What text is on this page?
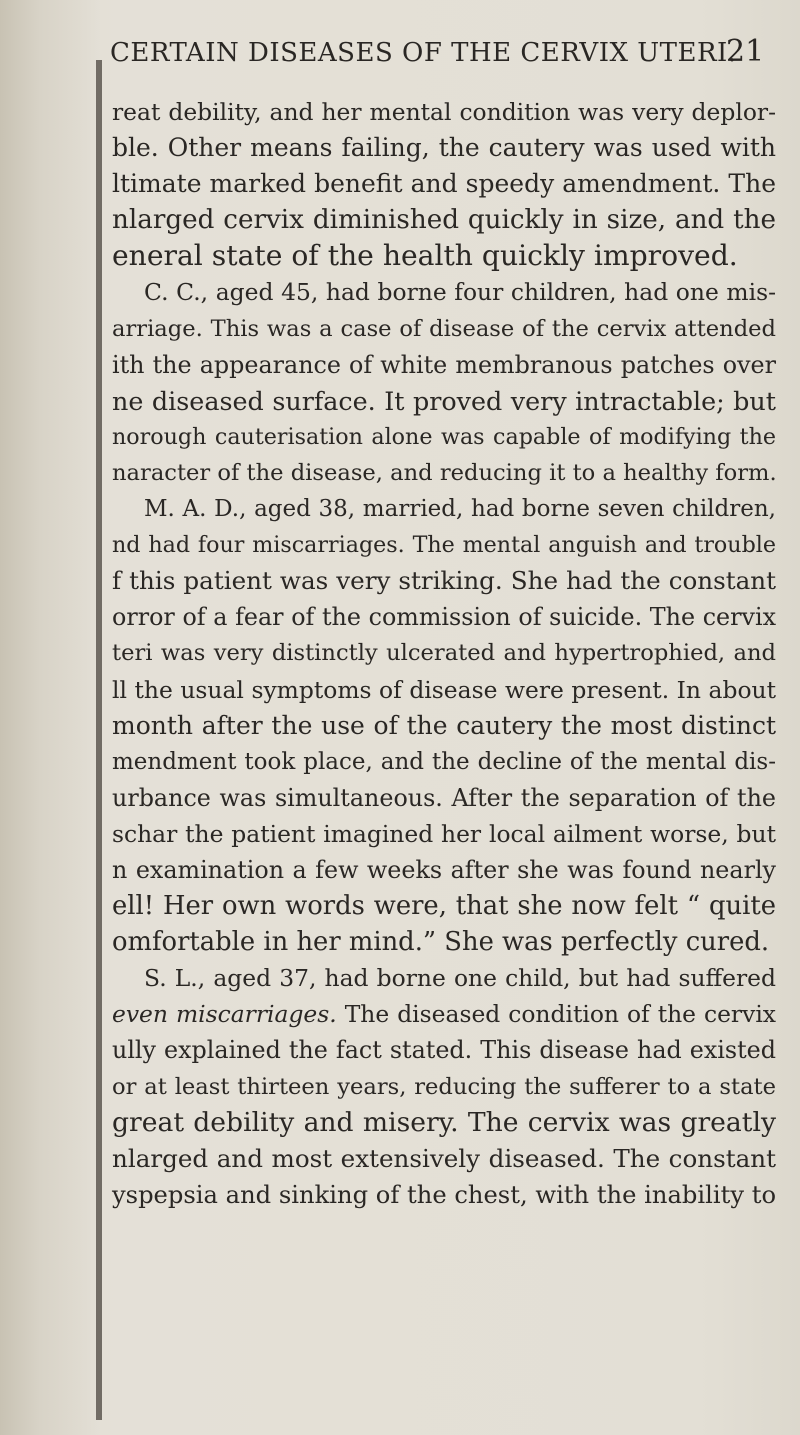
CERTAIN DISEASES OF THE CERVIX UTERI.
21
reat debility, and her mental condition was very deplor-
ble. Other means failing, the cautery was used with
ltimate marked benefit and speedy amendment. The
nlarged cervix diminished quickly in size, and the
eneral state of the health quickly improved.
C. C., aged 45, had borne four children, had one mis-
arriage. This was a case of disease of the cervix attended
ith the appearance of white membranous patches over
ne diseased surface. It proved very intractable; but
norough cauterisation alone was capable of modifying the
naracter of the disease, and reducing it to a healthy form.
M. A. D., aged 38, married, had borne seven children,
nd had four miscarriages. The mental anguish and trouble
f this patient was very striking. She had the constant
orror of a fear of the commission of suicide. The cervix
teri was very distinctly ulcerated and hypertrophied, and
ll the usual symptoms of disease were present. In about
month after the use of the cautery the most distinct
mendment took place, and the decline of the mental dis-
urbance was simultaneous. After the separation of the
schar the patient imagined her local ailment worse, but
n examination a few weeks after she was found nearly
ell! Her own words were, that she now felt “ quite
omfortable in her mind.” She was perfectly cured.
S. L., aged 37, had borne one child, but had suffered
even miscarriages. The diseased condition of the cervix
ully explained the fact stated. This disease had existed
or at least thirteen years, reducing the sufferer to a state
great debility and misery. The cervix was greatly
nlarged and most extensively diseased. The constant
yspepsia and sinking of the chest, with the inability to
